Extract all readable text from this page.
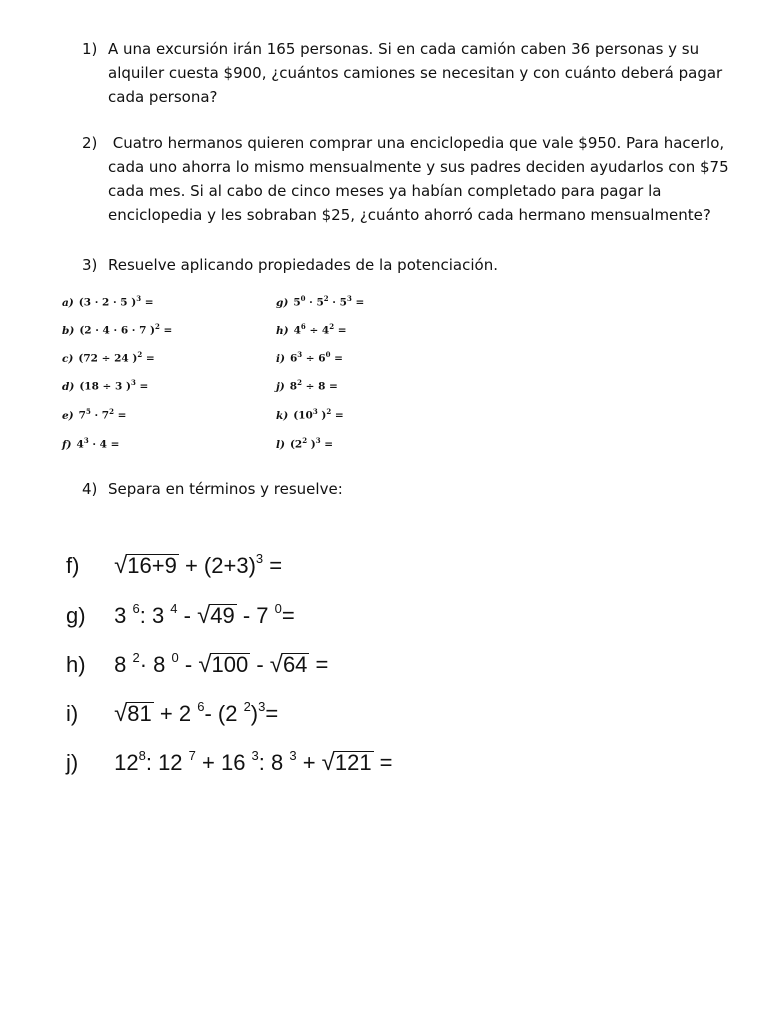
1) A una excursión irán 165 personas. Si en cada camión caben 36 personas y su
alquiler cuesta $900, ¿cuántos camiones se necesitan y con cuánto deberá pagar
cada persona?
2) Cuatro hermanos quieren comprar una enciclopedia que vale $950. Para hacerlo,
cada uno ahorra lo mismo mensualmente y sus padres deciden ayudarlos con $75
cada mes. Si al cabo de cinco meses ya habían completado para pagar la
enciclopedia y les sobraban $25, ¿cuánto ahorró cada hermano mensualmente?
3) Resuelve aplicando propiedades de la potenciación.
a) (3 · 2 · 5 )$^3$ =
b) (2 · 4 · 6 · 7 )$^2$ =
c) (72 ÷ 24 )$^2$ =
d) (18 ÷ 3 )$^3$ =
e) $7^5 \cdot 7^2$ =
f) $4^3 \cdot 4$ =
g) $5^0 \cdot 5^2 \cdot 5^3$ =
h) $4^6 \div 4^2$ =
i) $6^3 \div 6^0$ =
j) $8^2 \div 8$ =
k) ($10^3$ )$^2$ =
l) ($2^2$ )$^3$ =
4) Separa en términos y resuelve:
f) $√16+9 + (2+3)^3$ =
g) 3 $^6$: 3 $^4$ - √49 - 7 $^0$=
h) 8 $^2$· 8 $^0$ - √100 - √64 =
i) √81 + 2 $^6$- (2 $^2$)$^3$=
j) $12^8$: 12 $^7$ + 16 $^3$: 8 $^3$ + √121 =
